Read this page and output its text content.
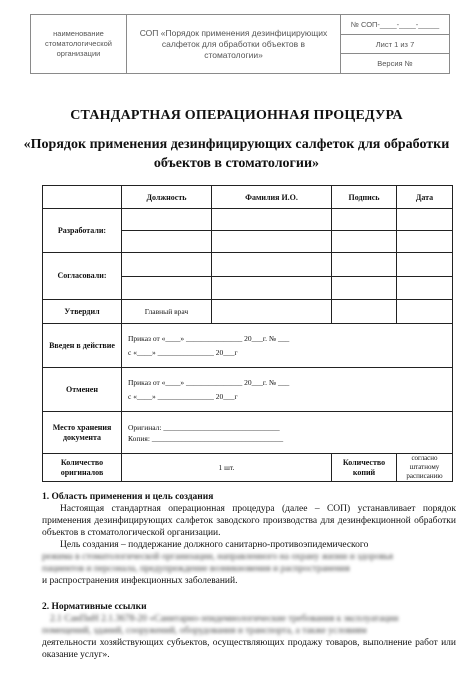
наименование стоматологической организации
СОП «Порядок применения дезинфицирующих салфеток для обработки объектов в стоматологии»
№ СОП-____-____-_____
Лист 1 из 7
Версия №
СТАНДАРТНАЯ ОПЕРАЦИОННАЯ ПРОЦЕДУРА
«Порядок применения дезинфицирующих салфеток для обработки объектов в стоматологии»
	Должность	Фамилия И.О.	Подпись	Дата
Разработали:				

Согласовали:				

Утвердил	Главный врач			
Введен в действие	Приказ от «____» _______________ 20___г. № ___
с «____» _______________ 20___г			

Отменен	Приказ от «____» _______________ 20___г. № ___
с «____» _______________ 20___г			

Место хранения документа	Оригинал: _______________________________
Копия: ___________________________________			

Количество оригиналов	1 шт.		Количество копий	согласно штатному расписанию
1. Область применения и цель создания
Настоящая стандартная операционная процедура (далее – СОП) устанавливает порядок применения дезинфицирующих салфеток заводского производства для дезинфекционной обработки объектов в стоматологической организации.
Цель создания – поддержание должного санитарно-противоэпидемического
режима в стоматологической организации, направленного на охрану жизни и здоровья
пациентов и персонала, предупреждение возникновения и распространения
и распространения инфекционных заболеваний.
2. Нормативные ссылки
2.1 СанПиН 2.1.3678-20 «Санитарно-эпидемиологические требования к эксплуатации
помещений, зданий, сооружений, оборудования и транспорта, а также условиям
деятельности хозяйствующих субъектов, осуществляющих продажу товаров, выполнение работ или оказание услуг».
